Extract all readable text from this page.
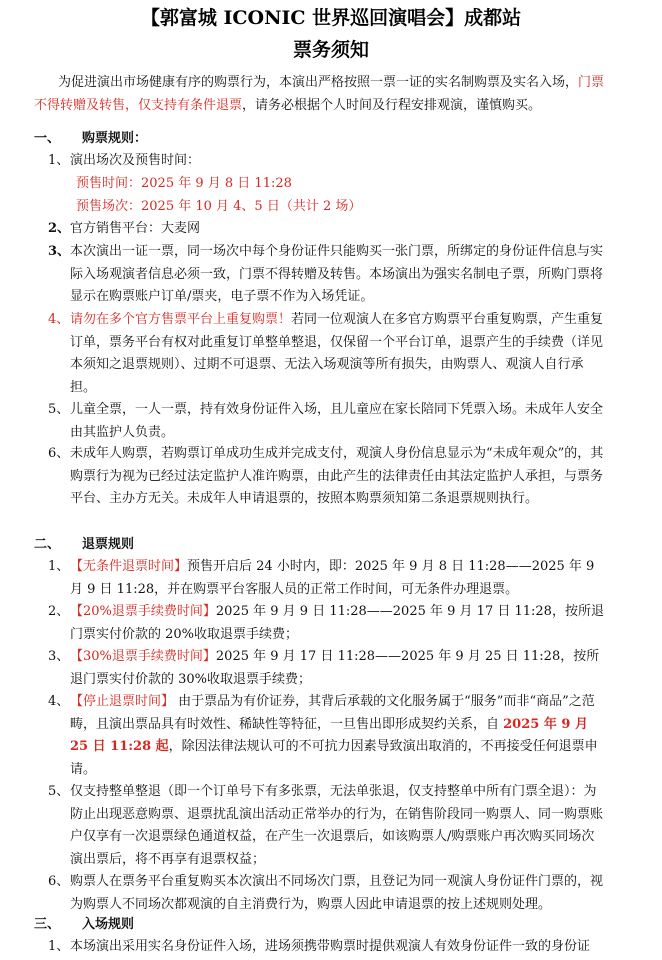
【郭富城 ICONIC 世界巡回演唱会】成都站
票务须知
为促进演出市场健康有序的购票行为，本演出严格按照一票一证的实名制购票及实名入场，门票不得转赠及转售，仅支持有条件退票，请务必根据个人时间及行程安排观演，谨慎购买。
一、 购票规则：
1、 演出场次及预售时间：
预售时间：2025 年 9 月 8 日 11:28
预售场次：2025 年 10 月 4、5 日（共计 2 场）
2、 官方销售平台：大麦网
3、 本次演出一证一票，同一场次中每个身份证件只能购买一张门票，所绑定的身份证件信息与实际入场观演者信息必须一致，门票不得转赠及转售。本场演出为强实名制电子票，所购门票将显示在购票账户订单/票夹，电子票不作为入场凭证。
4、 请勿在多个官方售票平台上重复购票！若同一位观演人在多官方购票平台重复购票，产生重复订单，票务平台有权对此重复订单整单整退，仅保留一个平台订单，退票产生的手续费（详见本须知之退票规则）、过期不可退票、无法入场观演等所有损失，由购票人、观演人自行承担。
5、 儿童全票，一人一票，持有效身份证件入场，且儿童应在家长陪同下凭票入场。未成年人安全由其监护人负责。
6、 未成年人购票，若购票订单成功生成并完成支付，观演人身份信息显示为“未成年观众”的，其购票行为视为已经过法定监护人准许购票，由此产生的法律责任由其法定监护人承担，与票务平台、主办方无关。未成年人申请退票的，按照本购票须知第二条退票规则执行。
二、 退票规则
1、 【无条件退票时间】预售开启后 24 小时内，即：2025 年 9 月 8 日 11:28——2025 年 9 月 9 日 11:28，并在购票平台客服人员的正常工作时间，可无条件办理退票。
2、 【20%退票手续费时间】2025 年 9 月 9 日 11:28——2025 年 9 月 17 日 11:28，按所退门票实付价款的 20%收取退票手续费；
3、 【30%退票手续费时间】2025 年 9 月 17 日 11:28——2025 年 9 月 25 日 11:28，按所退门票实付价款的 30%收取退票手续费；
4、 【停止退票时间】 由于票品为有价证券，其背后承载的文化服务属于“服务”而非“商品”之范畴，且演出票品具有时效性、稀缺性等特征，一旦售出即形成契约关系，自 2025 年 9 月 25 日 11:28 起，除因法律法规认可的不可抗力因素导致演出取消的，不再接受任何退票申请。
5、 仅支持整单整退（即一个订单号下有多张票，无法单张退，仅支持整单中所有门票全退）：为防止出现恶意购票、退票扰乱演出活动正常举办的行为，在销售阶段同一购票人、同一购票账户仅享有一次退票绿色通道权益，在产生一次退票后，如该购票人/购票账户再次购买同场次演出票后，将不再享有退票权益；
6、 购票人在票务平台重复购买本次演出不同场次门票，且登记为同一观演人身份证件门票的，视为购票人不同场次都观演的自主消费行为，购票人因此申请退票的按上述规则处理。
三、 入场规则
1、 本场演出采用实名身份证件入场，进场须携带购票时提供观演人有效身份证件一致的身份证
